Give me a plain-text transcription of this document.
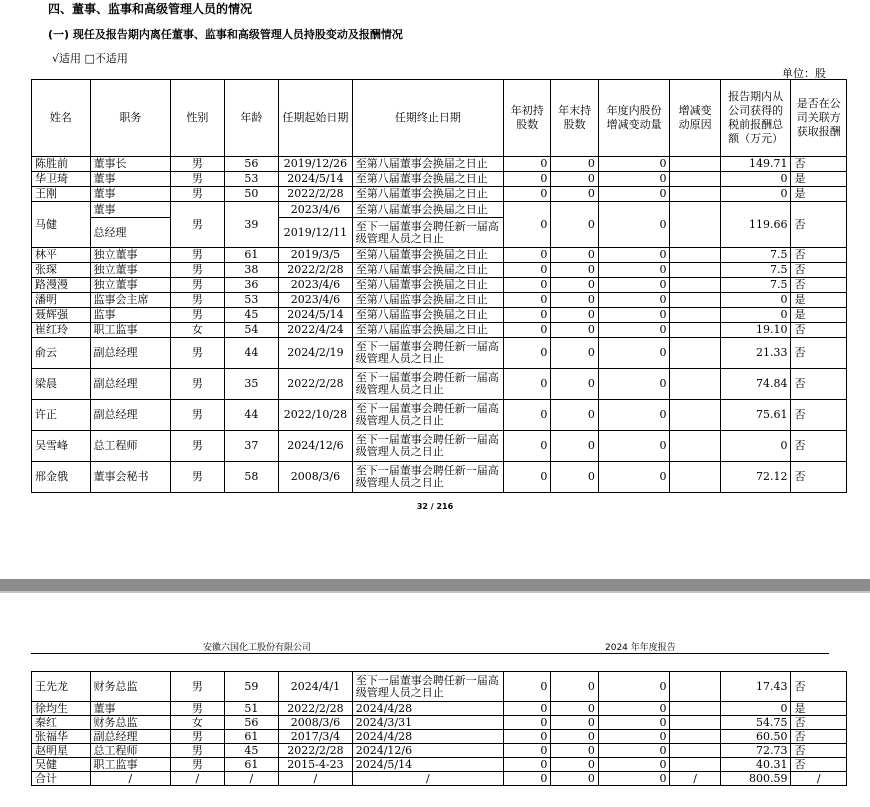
四、董事、监事和高级管理人员的情况
(一) 现任及报告期内离任董事、监事和高级管理人员持股变动及报酬情况
√适用 □不适用
单位：股
姓名	职务	性别	年龄	任期起始日期	任期终止日期	年初持股数	年末持股数	年度内股份增减变动量	增减变动原因	报告期内从公司获得的税前报酬总额（万元）	是否在公司关联方获取报酬
陈胜前	董事长	男	56	2019/12/26	至第八届董事会换届之日止	0	0	0		149.71	否
华卫琦	董事	男	53	2024/5/14	至第八届董事会换届之日止	0	0	0		0	是
王刚	董事	男	50	2022/2/28	至第八届董事会换届之日止	0	0	0		0	是
马健	董事	男	39	2023/4/6	至第八届董事会换届之日止	0	0	0		119.66	否
	总经理			2019/12/11	至下一届董事会聘任新一届高级管理人员之日止						
林平	独立董事	男	61	2019/3/5	至第八届董事会换届之日止	0	0	0		7.5	否
张琛	独立董事	男	38	2022/2/28	至第八届董事会换届之日止	0	0	0		7.5	否
路漫漫	独立董事	男	36	2023/4/6	至第八届董事会换届之日止	0	0	0		7.5	否
潘明	监事会主席	男	53	2023/4/6	至第八届监事会换届之日止	0	0	0		0	是
聂辉强	监事	男	45	2024/5/14	至第八届监事会换届之日止	0	0	0		0	是
崔红玲	职工监事	女	54	2022/4/24	至第八届监事会换届之日止	0	0	0		19.10	否
俞云	副总经理	男	44	2024/2/19	至下一届董事会聘任新一届高级管理人员之日止	0	0	0		21.33	否
梁晨	副总经理	男	35	2022/2/28	至下一届董事会聘任新一届高级管理人员之日止	0	0	0		74.84	否
许正	副总经理	男	44	2022/10/28	至下一届董事会聘任新一届高级管理人员之日止	0	0	0		75.61	否
吴雪峰	总工程师	男	37	2024/12/6	至下一届董事会聘任新一届高级管理人员之日止	0	0	0		0	否
邢金俄	董事会秘书	男	58	2008/3/6	至下一届董事会聘任新一届高级管理人员之日止	0	0	0		72.12	否
32 / 216
安徽六国化工股份有限公司	2024 年年度报告
王先龙	财务总监	男	59	2024/4/1	至下一届董事会聘任新一届高级管理人员之日止	0	0	0		17.43	否
徐均生	董事	男	51	2022/2/28	2024/4/28	0	0	0		0	是
秦红	财务总监	女	56	2008/3/6	2024/3/31	0	0	0		54.75	否
张福华	副总经理	男	61	2017/3/4	2024/4/28	0	0	0		60.50	否
赵明星	总工程师	男	45	2022/2/28	2024/12/6	0	0	0		72.73	否
吴健	职工监事	男	61	2015-4-23	2024/5/14	0	0	0		40.31	否
合计	/	/	/	/	/	0	0	0	/	800.59	/
